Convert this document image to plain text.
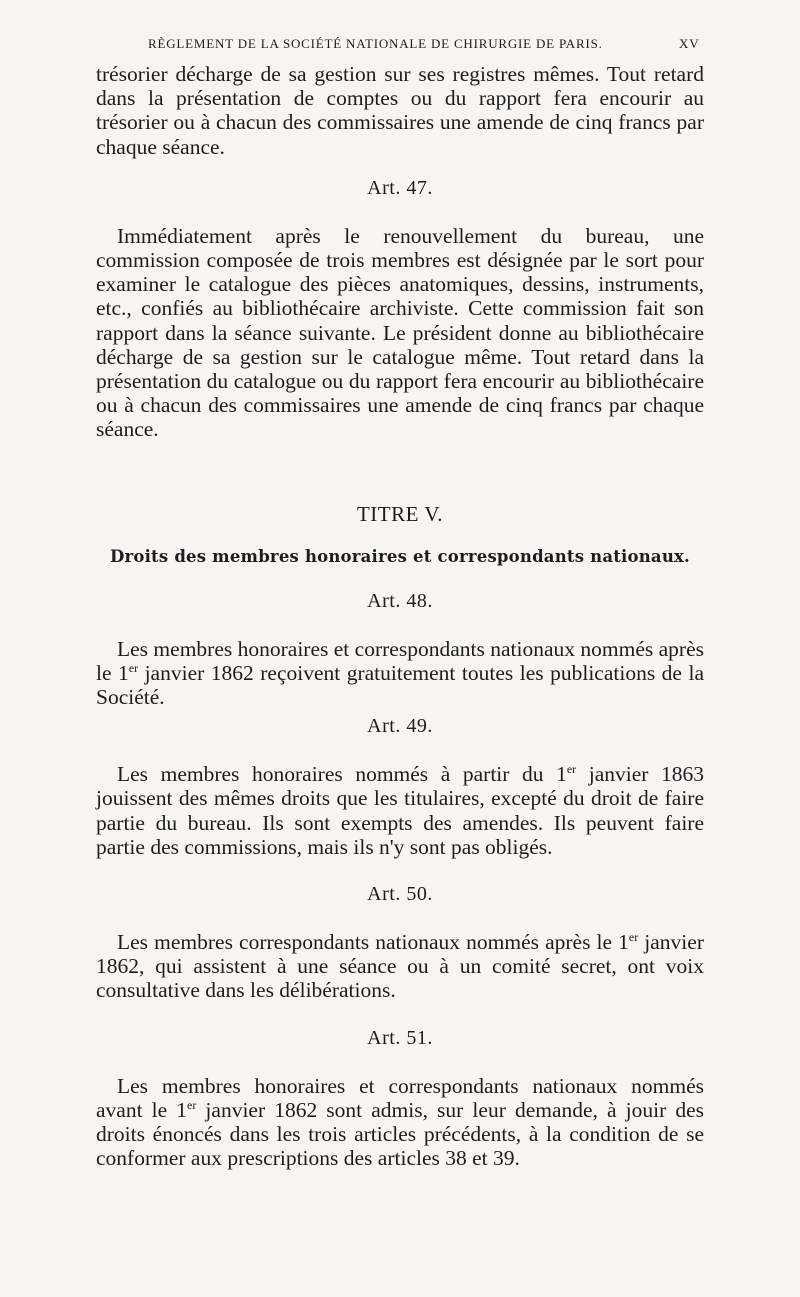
RÈGLEMENT DE LA SOCIÉTÉ NATIONALE DE CHIRURGIE DE PARIS.	XV

trésorier décharge de sa gestion sur ses registres mêmes. Tout retard dans la présentation de comptes ou du rapport fera encourir au trésorier ou à chacun des commissaires une amende de cinq francs par chaque séance.

Art. 47.

Immédiatement après le renouvellement du bureau, une commission composée de trois membres est désignée par le sort pour examiner le catalogue des pièces anatomiques, dessins, instruments, etc., confiés au bibliothécaire archiviste. Cette commission fait son rapport dans la séance suivante. Le président donne au bibliothécaire décharge de sa gestion sur le catalogue même. Tout retard dans la présentation du catalogue ou du rapport fera encourir au bibliothécaire ou à chacun des commissaires une amende de cinq francs par chaque séance.

TITRE V.
Droits des membres honoraires et correspondants nationaux.
Art. 48.

Les membres honoraires et correspondants nationaux nommés après le 1er janvier 1862 reçoivent gratuitement toutes les publications de la Société.

Art. 49.

Les membres honoraires nommés à partir du 1er janvier 1863 jouissent des mêmes droits que les titulaires, excepté du droit de faire partie du bureau. Ils sont exempts des amendes. Ils peuvent faire partie des commissions, mais ils n'y sont pas obligés.

Art. 50.

Les membres correspondants nationaux nommés après le 1er janvier 1862, qui assistent à une séance ou à un comité secret, ont voix consultative dans les délibérations.

Art. 51.

Les membres honoraires et correspondants nationaux nommés avant le 1er janvier 1862 sont admis, sur leur demande, à jouir des droits énoncés dans les trois articles précédents, à la condition de se conformer aux prescriptions des articles 38 et 39.
